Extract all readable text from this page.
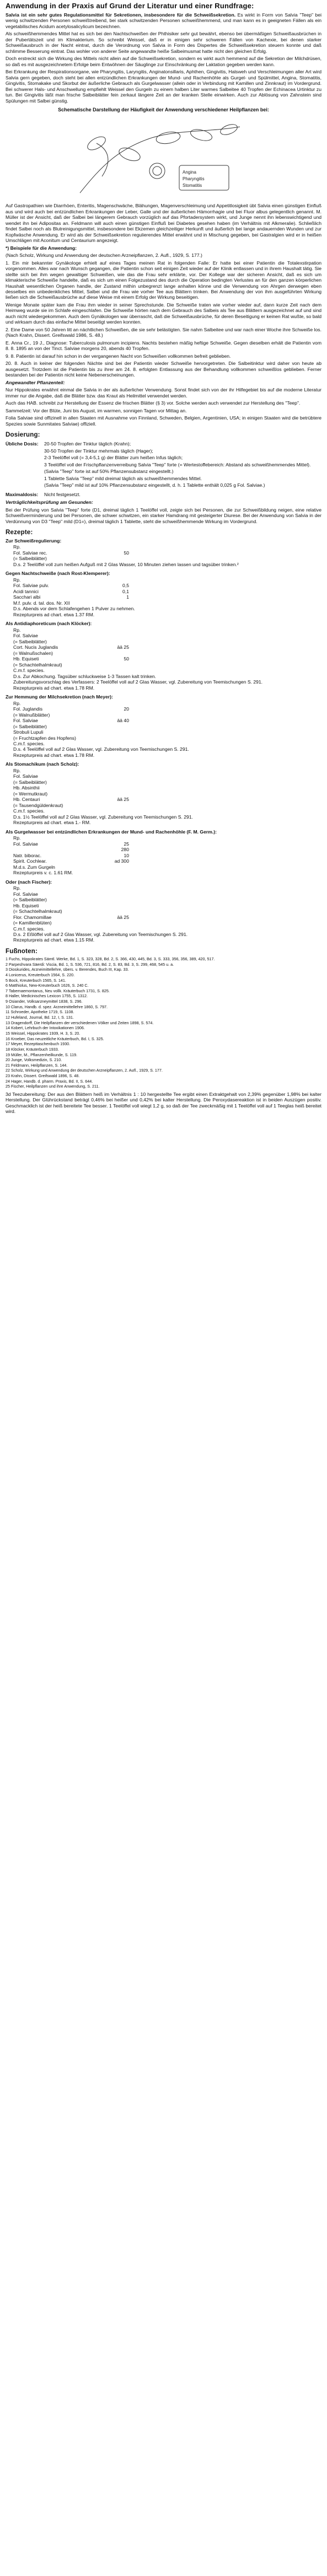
Anwendung in der Praxis auf Grund der Literatur und einer Rundfrage:

Salvia ist ein sehr gutes Regulationsmittel für Sekretionen, insbesondere für die Schweißsekretion. Es wirkt in Form von Salvia "Teep" bei wenig schwitzenden Personen schweißtreibend, bei stark schwitzenden Personen schweißhemmend, und man kann es in geeigneten Fällen als ein vegetabilisches Acidum acetylosalicylicum bezeichnen.

Als schweißhemmendes Mittel hat es sich bei den Nachtschweißen der Phthisiker sehr gut bewährt, ebenso bei übermäßigen Schweißausbrüchen in der Pubertätszeit und im Klimakterium. So schreibt Weissel, daß er in einigen sehr schweren Fällen von Kachexie, bei denen starker Schweißausbruch in der Nacht eintrat, durch die Verordnung von Salvia in Form des Dispertes die Schweißsekretion steuern konnte und daß schlimme Besserung eintrat. Das wohler von anderer Seite angewandte heiße Salbeimusmat hatte nicht den gleichen Erfolg.

Doch erstreckt sich die Wirkung des Mittels nicht allein auf die Schweißsekretion, sondern es wirkt auch hemmend auf die Sekretion der Milchdrüsen, so daß es mit ausgezeichnetem Erfolge beim Entwöhnen der Säuglinge zur Einschränkung der Laktation gegeben werden kann.

Bei Erkrankung der Respirationsorgane, wie Pharyngitis, Laryngitis, Anginatonsillaris, Aphthen, Gingivitis, Halsweh und Verschleimungen aller Art wird Salvia gern gegeben, doch steht bei allen entzündlichen Erkrankungen der Mund- und Rachenhöhle als Gurgel- und Spülmittel, Angina, Stomatitis, Gingivitis, Stomakake und Skorbut der äußerliche Gebrauch als Gurgelwasser (allein oder in Verbindung mit Kamillen und Zinnkraut) im Vordergrund. Bei schwerer Hals- und Anschwellung empfiehlt Weissel den Gurgeln zu einem halben Liter warmes Salbeitee 40 Tropfen der Echinacea Urtinktur zu tun. Bei Gingivitis läßt man frische Salbeiblätter fein zerkaut längere Zeit an der kranken Stelle einwirken. Auch zur Ablösung von Zahnstein sind Spülungen mit Salbei günstig.

Schematische Darstellung der Häufigkeit der Anwendung verschiedener Heilpflanzen bei:
Angina
Pharyngitis
Stomatitis

Auf Gastropathien wie Diarrhöen, Enteritis, Magenschwäche, Blähungen, Magenverschleimung und Appetitlosigkeit übt Salvia einen günstigen Einfluß aus und wird auch bei entzündlichen Erkrankungen der Leber, Galle und der äußerlichen Hämorrhagie und bei Fluor albus gelegentlich genannt. M. Müller ist der Ansicht, daß der Salbei bei längerem Gebrauch vorzüglich auf das Pfortadersystem wirkt, und Junge nennt ihn lebenswichtigend und wendet ihn bei Adipositas an. Feldmann will auch einen günstigen Einfluß bei Diabetes gesehen haben (im Verhältnis mit Alkmeralie). Schließlich findet Salbei noch als Blutreinigungsmittel, insbesondere bei Ekzemen gleichzeitiger Herkunft und äußerlich bei lange andauernden Wunden und zur Kopfwäsche Anwendung. Er wird als der Schweißsekretion regulierendes Mittel erwähnt und in Mischung gegeben, bei Gastralgien wird er in heißen Umschlägen mit Aconitum und Centaurium angezeigt.

*) Beispiele für die Anwendung:

(Nach Scholz, Wirkung und Anwendung der deutschen Arzneipflanzen, 2. Aufl., 1929, S. 177.)

1. Ein mir bekannter Gynäkologe erhielt auf eines Tages meinen Rat in folgenden Falle: Er hatte bei einer Patientin die Totalexstirpation vorgenommen. Alles war nach Wunsch gegangen, die Patientin schon seit einigen Zeit wieder auf der Klinik entlassen und in ihrem Haushalt tätig. Sie stellte sich bei ihm wegen gewaltiger Schweißen, wie das die Frau sehr erklärte, vor. Der Kollege war der sicheren Ansicht, daß es sich um klimakterische Schweiße handelte, daß es sich um einen Folgezustand des durch die Operation bedingten Verlustes an für den ganzen körperlichen Haushalt wesentlichen Organen handle, der Zustand mithin unbegrenzt lange anhalten könne und die Verwendung von Ahrgen derwegen eben desselbes ein unbedenkliches Mittel, Salbei und die Frau wie vorher Tee aus Blättern trinken. Bei Anwendung der von ihm ausgeführten Wirkung ließen sich die Schweißausbrüche auf diese Weise mit einem Erfolg der Wirkung beseitigen.

Wenige Monate später kam die Frau ihm wieder in seiner Sprechstunde. Die Schweiße traten wie vorher wieder auf, dann kurze Zeit nach dem Heimweg wurde sie im Schlafe eingeschlafen. Die Schweiße hörten nach dem Gebrauch des Salbeis als Tee aus Blättern ausgezeichnet auf und sind auch nicht wiedergekommen. Auch dem Gynäkologen war überrascht, daß die Schweißausbrüche, für deren Beseitigung er keinen Rat wußte, so bald und wirksam durch das einfache Mittel beseitigt werden konnten.

2. Eine Dame von 50 Jahren litt an nächtlichen Schweißen, die sie sehr belästigten. Sie nahm Salbeitee und war nach einer Woche ihre Schweiße los. (Nach Krahn, Dissert. Greifswald 1986, S. 48.)

E. Anna Cr., 19 J., Diagnose: Tuberculosis pulmonum incipiens. Nachts bestehen mäßig heftige Schweiße. Gegen dieselben erhält die Patientin vom 8. 8. 1895 an von der Tinct. Salviae morgens 20, abends 40 Tropfen.

9. 8. Patientin ist darauf hin schon in der vergangenen Nacht von Schweißen vollkommen befreit geblieben.

20. 8. Auch in keiner der folgenden Nächte sind bei der Patientin wieder Schweiße hervorgetreten. Die Salbeitinktur wird daher von heute ab ausgesetzt. Trotzdem ist die Patientin bis zu ihrer am 24. 8. erfolgten Entlassung aus der Behandlung vollkommen schweißlos geblieben. Ferner bestanden bei der Patientin nicht keine Nebenerscheinungen.

Angewandter Pflanzenteil:

Nur Hippokrates erwähnt einmal die Salvia in der als äußerlicher Verwendung. Sonst findet sich von der ihr Hilfegebiet bis auf die moderne Literatur immer nur die Angabe, daß die Blätter bzw. das Kraut als Heilmittel verwendet werden.

Auch das HAB. schreibt zur Herstellung der Essenz die frischen Blätter (§ 3) vor. Solche werden auch verwendet zur Herstellung des "Teep".

Sammelzeit: Vor der Blüte, Juni bis August, im warmen, sonnigen Tagen vor Mittag an.

Folia Salviae sind offizinell in allen Staaten mit Ausnahme von Finnland, Schweden, Belgien, Argentinien, USA; in einigen Staaten wird die betrübtere Spezies sowie Sunmitates Salviae) offiziell.

Dosierung:
Übliche Dosis:	20-50 Tropfen der Tinktur täglich (Krahn);
30-50 Tropfen der Tinktur mehrmals täglich (Hager);
2-3 Teelöffel voll (= 3,4-5,1 g) der Blätter zum heißen Infus täglich;
3 Teelöffel voll der Frischpflanzenverreibung Salvia "Teep" forte (= Wertestoffebereich: Abstand als schweißhemmendes Mittel).
(Salvia "Teep" forte ist auf 50% Pflanzensubstanz eingestellt.)
1 Tablette Salvia "Teep" mild dreimal täglich als schweißhemmendes Mittel.
(Salvia "Teep" mild ist auf 10% Pflanzensubstanz eingestellt, d. h. 1 Tablette enthält 0,025 g Fol. Salviae.)
Maximaldosis:	Nicht festgesetzt.

Verträglichkeitsprüfung am Gesunden:

Bei der Prüfung von Salvia "Teep" forte (D1, dreimal täglich 1 Teelöffel voll, zeigte sich bei Personen, die zur Schweißbildung neigen, eine relative Schweißverminderung und bei Personen, die schwer schwitzen, ein starker Hamdrang mit gesteigerter Diurese. Bei der Anwendung von Salvia in der Verdünnung von D3 "Teep" mild (D1=), dreimal täglich 1 Tablette, steht die schweißhemmende Wirkung im Vordergrund.

Rezepte:
Zur Schweißregulierung:
Rp.
Fol. Salviae rec.	50
(= Salbeiblätter)
D.s. 2 Teelöffel voll zum heißen Aufguß mit 2 Glas Wasser, 10 Minuten ziehen lassen und tagsüber trinken.²
Gegen Nachtschweiße (nach Rost-Klemperer):
Rp.
Fol. Salviae pulv.	0,5
Acidi tannici	0,1
Sacchari albi	1
M.f. pulv. d. tal. dos. Nr. XII
D.s. Abends vor dem Schlafengehen 1 Pulver zu nehmen.
Rezepturpreis ad chart. etwa 1.37 RM.
Als Antidiaphoreticum (nach Klöcker):
Rp.
Fol. Salviae
(= Salbeiblätter)
Cort. Nucis Juglandis	āā 25
(= Walnußschalen)
Hb. Equiseti	50
(= Schachtelhalmkraut)
C.m.f. species.
D.s. Zur Abkochung. Tagsüber schluckweise 1-3 Tassen kalt trinken.
Zubereitungsvorschlag des Verfassers: 2 Teelöffel voll auf 2 Glas Wasser, vgl. Zubereitung von Teemischungen S. 291.
Rezepturpreis ad chart. etwa 1.78 RM.
Zur Hemmung der Milchsekretion (nach Meyer):
Rp.
Fol. Juglandis	20
(= Walnußblätter)
Fol. Salviae	āā 40
(= Salbeiblätter)
Strobuli Lupuli
(= Fruchtzapfen des Hopfens)
C.m.f. species.
D.s. 4 Teelöffel voll auf 2 Glas Wasser, vgl. Zubereitung von Teemischungen S. 291.
Rezepturpreis ad chart. etwa 1.78 RM.
Als Stomachikum (nach Scholz):
Rp.
Fol. Salviae
(= Salbeiblätter)
Hb. Absinthii
(= Wermutkraut)
Hb. Centauri	āā 25
(= Tausendgüldenkraut)
C.m.f. species.
D.s. 1½ Teelöffel voll auf 2 Glas Wasser, vgl. Zubereitung von Teemischungen S. 291.
Rezepturpreis ad chart. etwa 1.- RM.
Als Gurgelwasser bei entzündlichen Erkrankungen der Mund- und Rachenhöhle (F. M. Germ.):
Rp.
Fol. Salviae	25
280
Natr. biborac.	10
Spirit. Cochlear.	ad 300
M.d.s. Zum Gurgeln
Rezepturpreis v. c. 1.61 RM.
Oder (nach Fischer):
Rp.
Fol. Salviae
(= Salbeiblätter)
Hb. Equiseti
(= Schachtelhalmkraut)
Flor. Chamomillae	āā 25
(= Kamillenblüten)
C.m.f. species.
D.s. 2 Eßlöffel voll auf 2 Glas Wasser, vgl. Zubereitung von Teemischungen S. 291.
Rezepturpreis ad chart. etwa 1.15 RM.
Fußnoten:

1 Fuchs, Hippokrates Sämtl. Werke, Bd. 1, S. 323, 328, Bd. 2, S. 366, 430, 445, Bd. 3, S. 333, 356, 356, 389, 420, 517.

2 Parpeshvara Säerdi: Viscia, Bd. 1, S. 536, 721, 816, Bd. 2, S. 83, Bd. 3, S. 299, 468, 545 u. a.

3 Dioskurides, Arzneimittellehre, übers. v. Berendes, Buch III, Kap. 33.

4 Lonicerus, Kreuterbuch 1564, S. 220.

5 Bock, Kreuterbuch 1565, S. 141.

6 Matthiolus, New-Kreuterbuch 1626, S. 240 C.

7 Tabernaemontanus, Neu vollk. Kräuterbuch 1731, S. 825.

8 Haller, Medicinisches Lexicon 1755, S. 1312.

9 Osiander, Volksarzneymittel 1838, S. 296.

10 Clarus, Handb. d. spez. Arzneimittellehre 1860, S. 797.

11 Schroeder, Apotheke 1719, S. 1108.

12 Hufeland, Journal, Bd. 12, I, S. 131.

13 Dragendorff, Die Heilpflanzen der verschiedenen Völker und Zeiten 1898, S. 574.

14 Kobert, Lehrbuch der Intoxikationen 1906.

15 Weissel, Hippokrates 1939, H. 3, S. 20.

16 Kroeber, Das neuzeitliche Kräuterbuch, Bd. I, S. 325.

17 Meyer, Rezepttaschenbuch 1930.

18 Klöcker, Kräuterbuch 1933.

19 Müller, M., Pflanzenheilkunde, S. 119.

20 Junge, Volksmedizin, S. 210.

21 Feldmann, Heilpflanzen, S. 144.

22 Scholz, Wirkung und Anwendung der deutschen Arzneipflanzen, 2. Aufl., 1929, S. 177.

23 Krahn, Dissert. Greifswald 1896, S. 48.

24 Hager, Handb. d. pharm. Praxis, Bd. II, S. 644.

25 Fischer, Heilpflanzen und ihre Anwendung, S. 211.

3d Teezubereitung: Der aus den Blättern heiß im Verhältnis 1 : 10 hergestellte Tee ergibt einen Extraktgehalt von 2,39% gegenüber 1,98% bei kalter Herstellung. Der Glührückstand beträgt 0,46% bei heißer und 0,42% bei kalter Herstellung. Die Peroxydasereaktion ist in beiden Auszügen positiv. Geschmacklich ist der heiß bereitete Tee besser. 1 Teelöffel voll wiegt 1,2 g, so daß der Tee zweckmäßig mit 1 Teelöffel voll auf 1 Teeglas heiß bereitet wird.
